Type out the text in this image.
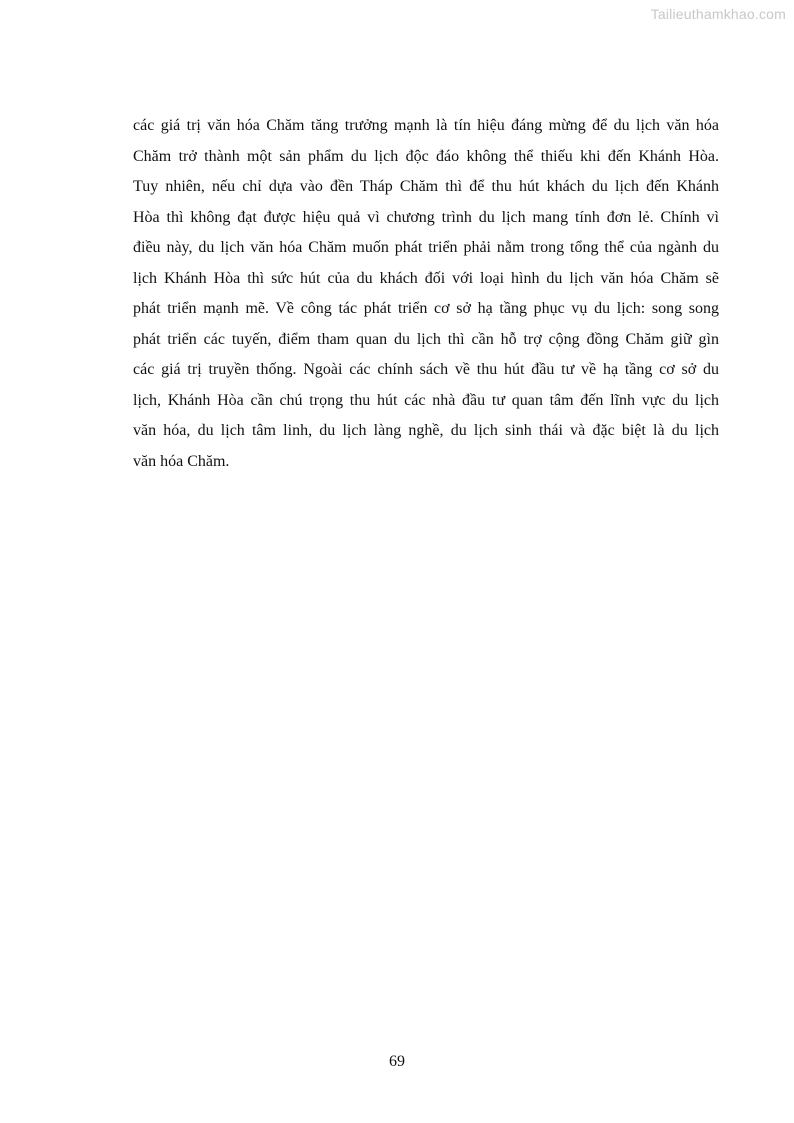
Tailieuthamkhao.com
các giá trị văn hóa Chăm tăng trưởng mạnh là tín hiệu đáng mừng để du lịch văn hóa
Chăm trở thành một sản phẩm du lịch độc đáo không thể thiếu khi đến Khánh Hòa.
Tuy nhiên, nếu chỉ dựa vào đền Tháp Chăm thì để thu hút khách du lịch đến Khánh
Hòa thì không đạt được hiệu quả vì chương trình du lịch mang tính đơn lẻ. Chính vì
điều này, du lịch văn hóa Chăm muốn phát triển phải nằm trong tổng thể của ngành du
lịch Khánh Hòa thì sức hút của du khách đối với loại hình du lịch văn hóa Chăm sẽ
phát triển mạnh mẽ. Về công tác phát triển cơ sở hạ tầng phục vụ du lịch: song song
phát triển các tuyến, điểm tham quan du lịch thì cần hỗ trợ cộng đồng Chăm giữ gìn
các giá trị truyền thống. Ngoài các chính sách về thu hút đầu tư về hạ tầng cơ sở du
lịch, Khánh Hòa cần chú trọng thu hút các nhà đầu tư quan tâm đến lĩnh vực du lịch
văn hóa, du lịch tâm linh, du lịch làng nghề, du lịch sinh thái và đặc biệt là du lịch
văn hóa Chăm.
69
